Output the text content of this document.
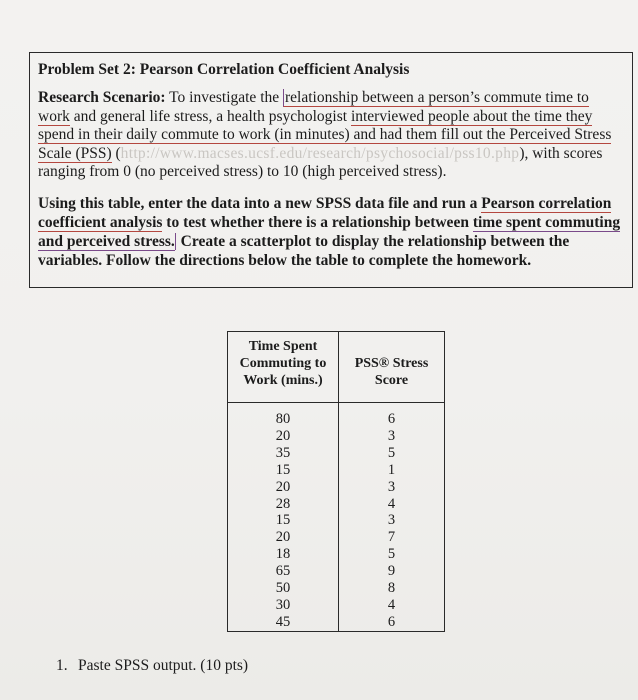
Problem Set 2: Pearson Correlation Coefficient Analysis

Research Scenario: To investigate the relationship between a person’s commute time to work and general life stress, a health psychologist interviewed people about the time they spend in their daily commute to work (in minutes) and had them fill out the Perceived Stress Scale (PSS) (http://www.macses.ucsf.edu/research/psychosocial/pss10.php), with scores ranging from 0 (no perceived stress) to 10 (high perceived stress).

Using this table, enter the data into a new SPSS data file and run a Pearson correlation coefficient analysis to test whether there is a relationship between time spent commuting and perceived stress. Create a scatterplot to display the relationship between the variables. Follow the directions below the table to complete the homework.

Time Spent
Commuting to
Work (mins.)
PSS® Stress
Score
80
20
35
15
20
28
15
20
18
65
50
30
45
6
3
5
1
3
4
3
7
5
9
8
4
6

1. Paste SPSS output. (10 pts)
